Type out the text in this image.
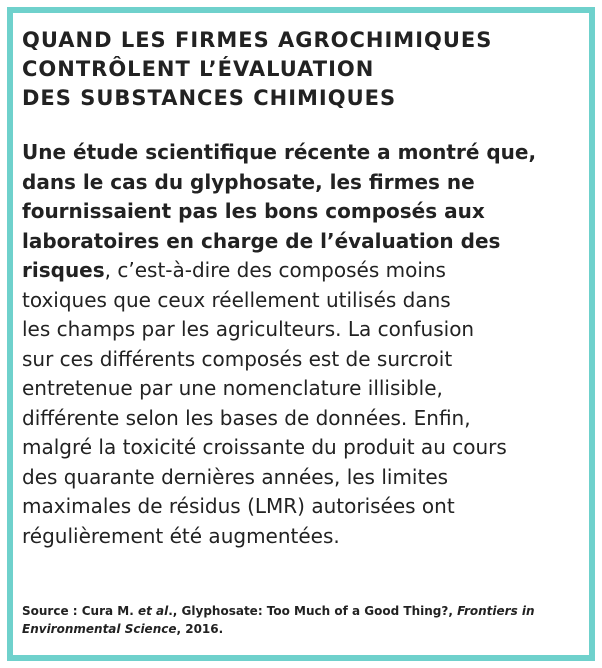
QUAND LES FIRMES AGROCHIMIQUES
CONTRÔLENT L’ÉVALUATION
DES SUBSTANCES CHIMIQUES

Une étude scientifique récente a montré que,
dans le cas du glyphosate, les firmes ne
fournissaient pas les bons composés aux
laboratoires en charge de l’évaluation des
risques, c’est-à-dire des composés moins
toxiques que ceux réellement utilisés dans
les champs par les agriculteurs. La confusion
sur ces différents composés est de surcroit
entretenue par une nomenclature illisible,
différente selon les bases de données. Enfin,
malgré la toxicité croissante du produit au cours
des quarante dernières années, les limites
maximales de résidus (LMR) autorisées ont
régulièrement été augmentées.

Source : Cura M. et al., Glyphosate: Too Much of a Good Thing?, Frontiers in
Environmental Science, 2016.
